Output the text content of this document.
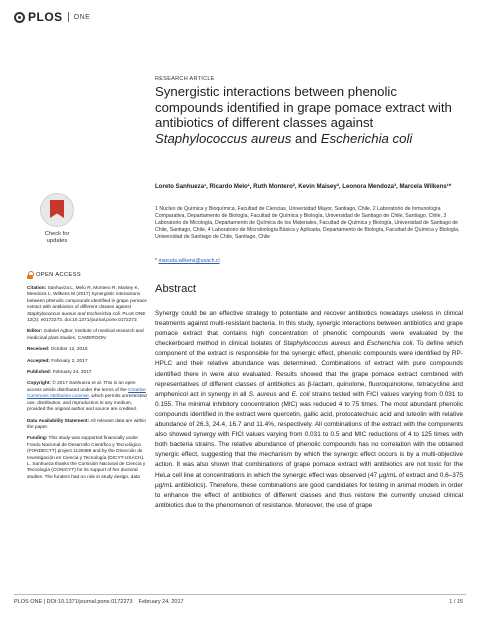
PLOS ONE
RESEARCH ARTICLE
Synergistic interactions between phenolic compounds identified in grape pomace extract with antibiotics of different classes against Staphylococcus aureus and Escherichia coli
Loreto Sanhueza¹, Ricardo Melo¹, Ruth Montero², Kevin Maisey², Leonora Mendoza³, Marcela Wilkens¹*
1 Núcleo de Química y Bioquímica, Facultad de Ciencias, Universidad Mayor, Santiago, Chile, 2 Laboratorio de Inmunología Comparativa, Departamento de Biología, Facultad de Química y Biología, Universidad de Santiago de Chile, Santiago, Chile, 3 Laboratorio de Micología, Departamento de Química de los Materiales, Facultad de Química y Biología, Universidad de Santiago de Chile, Santiago, Chile, 4 Laboratorio de Microbiología Básica y Aplicada, Departamento de Biología, Facultad de Química y Biología, Universidad de Santiago de Chile, Santiago, Chile
* marcela.wilkens@usach.cl
Abstract
Synergy could be an effective strategy to potentiate and recover antibiotics nowadays useless in clinical treatments against multi-resistant bacteria. In this study, synergic interactions between antibiotics and grape pomace extract that contains high concentration of phenolic compounds were evaluated by the checkerboard method in clinical isolates of Staphylococcus aureus and Escherichia coli. To define which component of the extract is responsible for the synergic effect, phenolic compounds were identified by RP-HPLC and their relative abundance was determined. Combinations of extract with pure compounds identified there in were also evaluated. Results showed that the grape pomace extract combined with representatives of different classes of antibiotics as β-lactam, quinolone, fluoroquinolone, tetracycline and amphenicol act in synergy in all S. aureus and E. coli strains tested with FICI values varying from 0.031 to 0.155. The minimal inhibitory concentration (MIC) was reduced 4 to 75 times. The most abundant phenolic compounds identified in the extract were quercetin, gallic acid, protocatechuic acid and luteolin with relative abundance of 26.3, 24.4, 16.7 and 11.4%, respectively. All combinations of the extract with the components also showed synergy with FICI values varying from 0.031 to 0.5 and MIC reductions of 4 to 125 times with both bacteria strains. The relative abundance of phenolic compounds has no correlation with the obtained synergic effect, suggesting that the mechanism by which the synergic effect occurs is by a multi-objective action. It was also shown that combinations of grape pomace extract with antibiotics are not toxic for the HeLa cell line at concentrations in which the synergic effect was observed (47 μg/mL of extract and 0.6–375 μg/mL antibiotics). Therefore, these combinations are good candidates for testing in animal models in order to enhance the effect of antibiotics of different classes and thus restore the currently unused clinical antibiotics due to the phenomenon of resistance. Moreover, the use of grape
Check for
updates
OPEN ACCESS

Citation: Sanhueza L, Melo R, Montero R, Maisey K, Mendoza L, Wilkens M (2017) Synergistic interactions between phenolic compounds identified in grape pomace extract with antibiotics of different classes against Staphylococcus aureus and Escherichia coli. PLoS ONE 12(2): e0172273. doi:10.1371/journal.pone.0172273

Editor: Gabriel Agbor, Institute of medical research and medicinal plant studies, CAMEROON

Received: October 12, 2016

Accepted: February 2, 2017

Published: February 24, 2017

Copyright: © 2017 Sanhueza et al. This is an open access article distributed under the terms of the Creative Commons Attribution License, which permits unrestricted use, distribution, and reproduction in any medium, provided the original author and source are credited.

Data Availability Statement: All relevant data are within the paper.

Funding: This study was supported financially under Fondo Nacional de Desarrollo Científico y Tecnológico (FONDECYT) project 1130389 and by the Dirección de Investigación en Ciencia y Tecnología (DICYT-USACH). L. Sanhueza thanks the Comisión Nacional de Ciencia y Tecnología (CONICYT) for its support of her doctoral studies. The funders had no role in study design, data

PLOS ONE | DOI:10.1371/journal.pone.0172273    February 24, 2017	1 / 15
